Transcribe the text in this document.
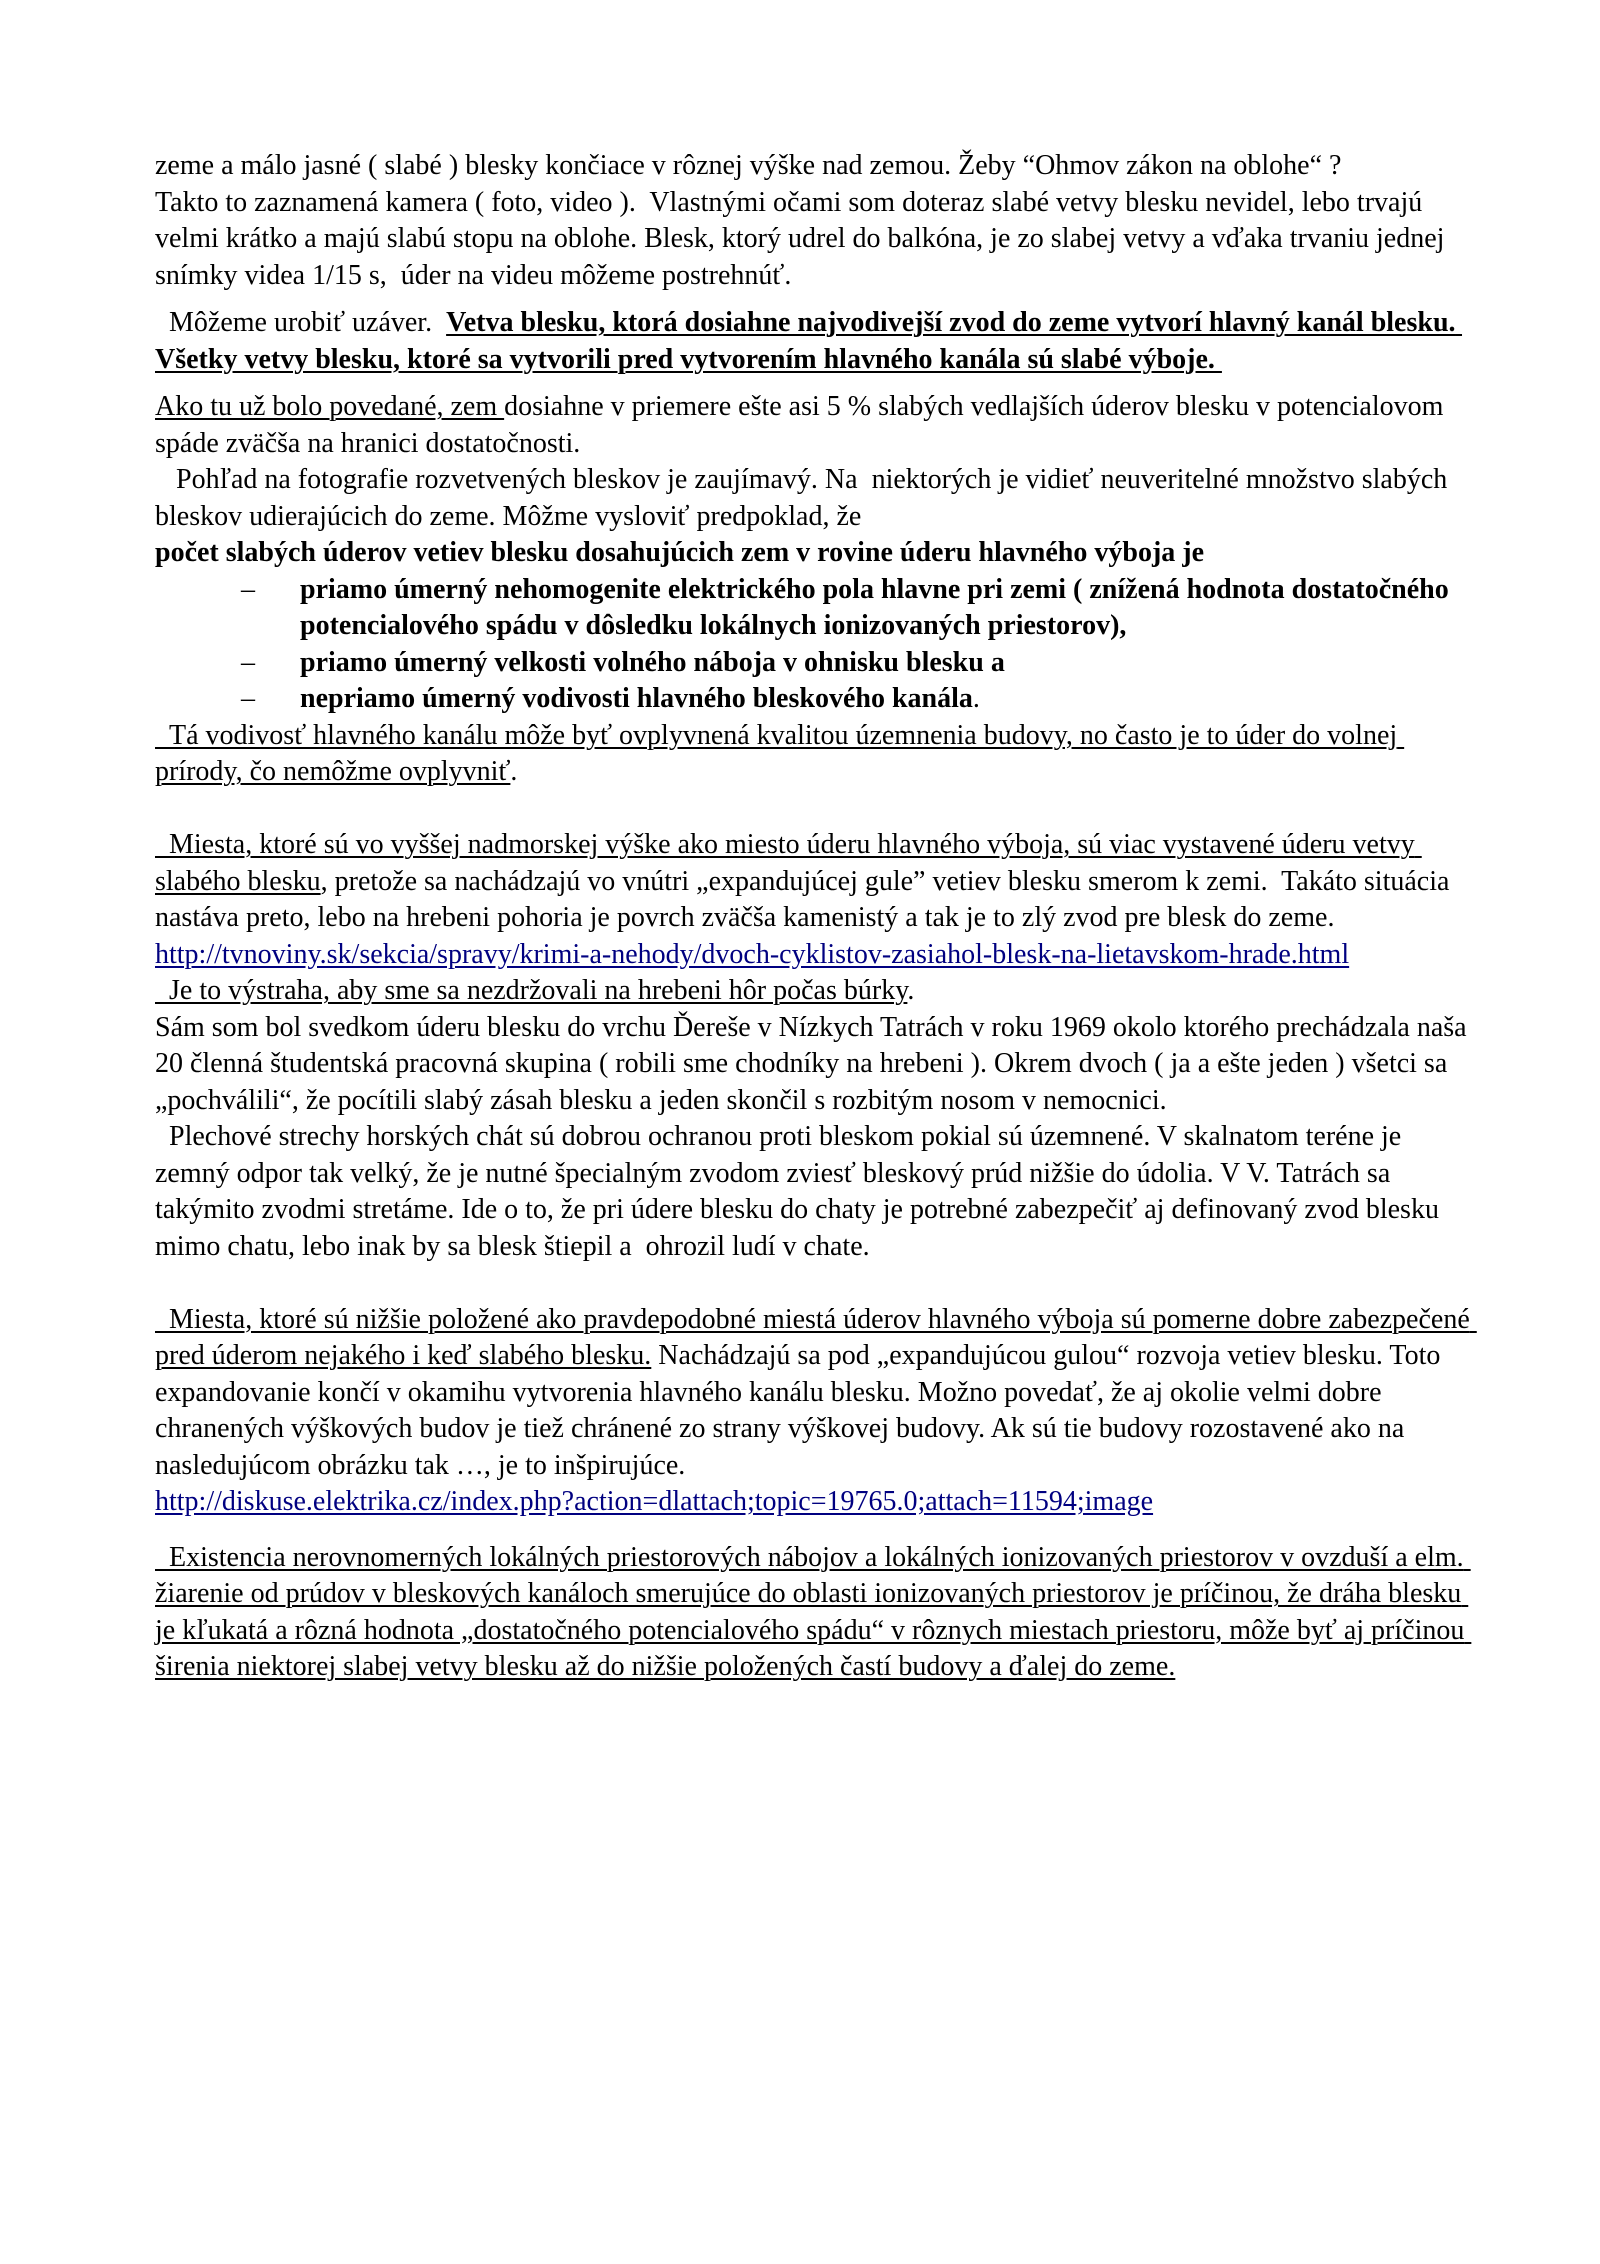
zeme a málo jasné ( slabé ) blesky končiace v rôznej výške nad zemou. Žeby “Ohmov zákon na oblohe“ ?

Takto to zaznamená kamera ( foto, video ).  Vlastnými očami som doteraz slabé vetvy blesku nevidel, lebo trvajú velmi krátko a majú slabú stopu na oblohe. Blesk, ktorý udrel do balkóna, je zo slabej vetvy a vďaka trvaniu jednej snímky videa 1/15 s,  úder na videu môžeme postrehnúť.

Môžeme urobiť uzáver.  Vetva blesku, ktorá dosiahne najvodivejší zvod do zeme vytvorí hlavný kanál blesku. Všetky vetvy blesku, ktoré sa vytvorili pred vytvorením hlavného kanála sú slabé výboje.

Ako tu už bolo povedané, zem dosiahne v priemere ešte asi 5 % slabých vedlajších úderov blesku v potencialovom spáde zväčša na hranici dostatočnosti.

Pohľad na fotografie rozvetvených bleskov je zaujímavý. Na  niektorých je vidieť neuveritelné množstvo slabých bleskov udierajúcich do zeme. Môžme vysloviť predpoklad, že

počet slabých úderov vetiev blesku dosahujúcich zem v rovine úderu hlavného výboja je

– priamo úmerný nehomogenite elektrického pola hlavne pri zemi ( znížená hodnota dostatočného potencialového spádu v dôsledku lokálnych ionizovaných priestorov),
– priamo úmerný velkosti volného náboja v ohnisku blesku a
– nepriamo úmerný vodivosti hlavného bleskového kanála.

Tá vodivosť hlavného kanálu môže byť ovplyvnená kvalitou územnenia budovy, no často je to úder do volnej prírody, čo nemôžme ovplyvniť.

Miesta, ktoré sú vo vyššej nadmorskej výške ako miesto úderu hlavného výboja, sú viac vystavené úderu vetvy slabého blesku, pretože sa nachádzajú vo vnútri „expandujúcej gule” vetiev blesku smerom k zemi.  Takáto situácia nastáva preto, lebo na hrebeni pohoria je povrch zväčša kamenistý a tak je to zlý zvod pre blesk do zeme.

http://tvnoviny.sk/sekcia/spravy/krimi-a-nehody/dvoch-cyklistov-zasiahol-blesk-na-lietavskom-hrade.html

Je to výstraha, aby sme sa nezdržovali na hrebeni hôr počas búrky.

Sám som bol svedkom úderu blesku do vrchu Ďereše v Nízkych Tatrách v roku 1969 okolo ktorého prechádzala naša 20 členná študentská pracovná skupina ( robili sme chodníky na hrebeni ). Okrem dvoch ( ja a ešte jeden ) všetci sa „pochválili“, že pocítili slabý zásah blesku a jeden skončil s rozbitým nosom v nemocnici.

Plechové strechy horských chát sú dobrou ochranou proti bleskom pokial sú územnené. V skalnatom teréne je zemný odpor tak velký, že je nutné špecialným zvodom zviesť bleskový prúd nižšie do údolia. V V. Tatrách sa takýmito zvodmi stretáme. Ide o to, že pri údere blesku do chaty je potrebné zabezpečiť aj definovaný zvod blesku mimo chatu, lebo inak by sa blesk štiepil a  ohrozil ludí v chate.

Miesta, ktoré sú nižšie položené ako pravdepodobné miestá úderov hlavného výboja sú pomerne dobre zabezpečené pred úderom nejakého i keď slabého blesku. Nachádzajú sa pod „expandujúcou gulou“ rozvoja vetiev blesku. Toto expandovanie končí v okamihu vytvorenia hlavného kanálu blesku. Možno povedať, že aj okolie velmi dobre chranených výškových budov je tiež chránené zo strany výškovej budovy. Ak sú tie budovy rozostavené ako na nasledujúcom obrázku tak …, je to inšpirujúce.

http://diskuse.elektrika.cz/index.php?action=dlattach;topic=19765.0;attach=11594;image

Existencia nerovnomerných lokálných priestorových nábojov a lokálných ionizovaných priestorov v ovzduší a elm. žiarenie od prúdov v bleskových kanáloch smerujúce do oblasti ionizovaných priestorov je príčinou, že dráha blesku je kľukatá a rôzná hodnota „dostatočného potencialového spádu“ v rôznych miestach priestoru, môže byť aj príčinou širenia niektorej slabej vetvy blesku až do nižšie položených častí budovy a ďalej do zeme.
